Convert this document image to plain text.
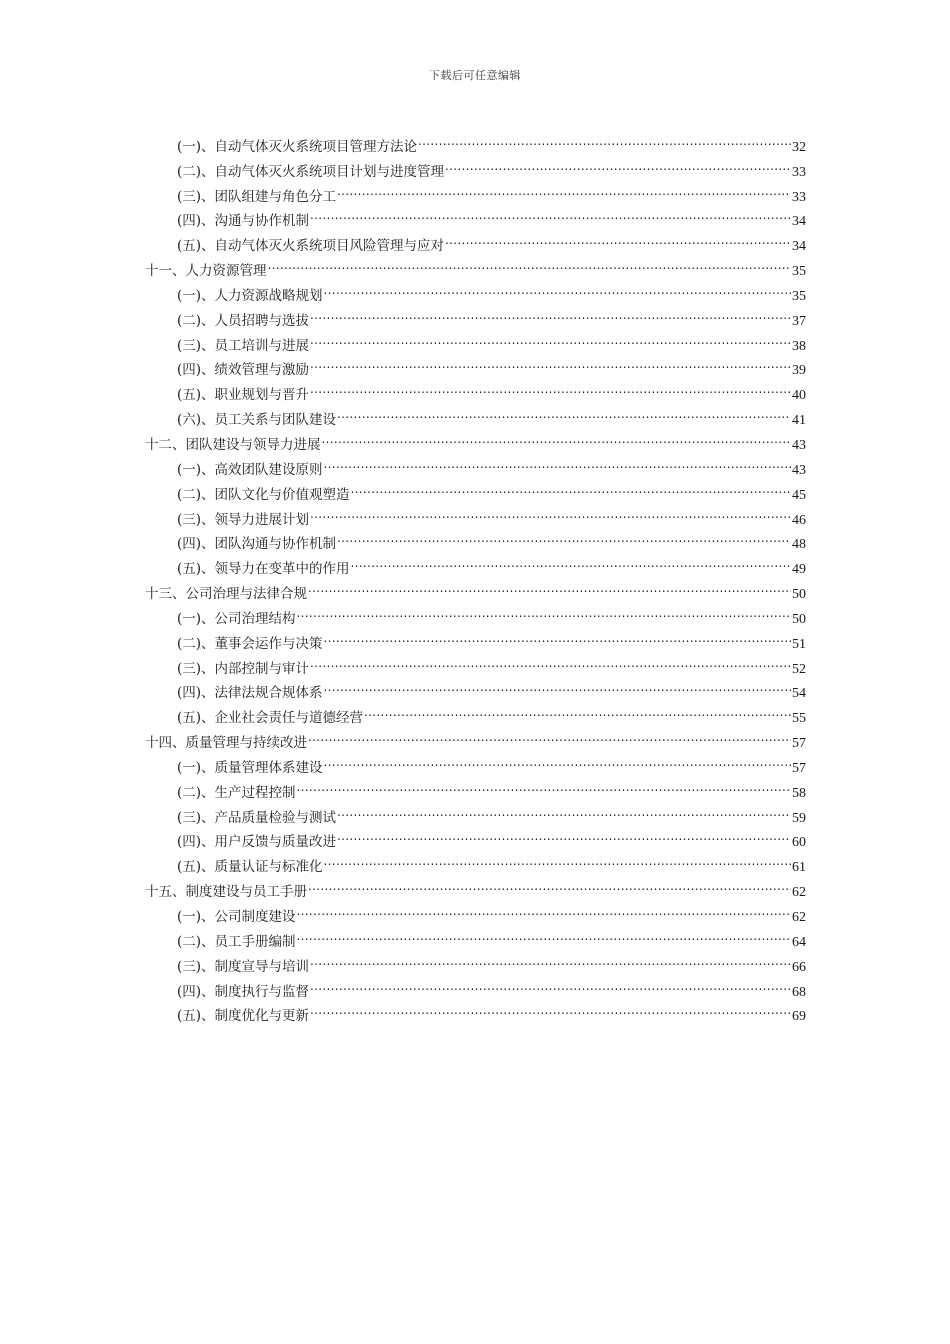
下载后可任意编辑
(一)、自动气体灭火系统项目管理方法论 .....	32
(二)、自动气体灭火系统项目计划与进度管理 .....	33
(三)、团队组建与角色分工 .....	33
(四)、沟通与协作机制 .....	34
(五)、自动气体灭火系统项目风险管理与应对 .....	34
十一、人力资源管理 .....	35
(一)、人力资源战略规划 .....	35
(二)、人员招聘与选拔 .....	37
(三)、员工培训与进展 .....	38
(四)、绩效管理与激励 .....	39
(五)、职业规划与晋升 .....	40
(六)、员工关系与团队建设 .....	41
十二、团队建设与领导力进展 .....	43
(一)、高效团队建设原则 .....	43
(二)、团队文化与价值观塑造 .....	45
(三)、领导力进展计划 .....	46
(四)、团队沟通与协作机制 .....	48
(五)、领导力在变革中的作用 .....	49
十三、公司治理与法律合规 .....	50
(一)、公司治理结构 .....	50
(二)、董事会运作与决策 .....	51
(三)、内部控制与审计 .....	52
(四)、法律法规合规体系 .....	54
(五)、企业社会责任与道德经营 .....	55
十四、质量管理与持续改进 .....	57
(一)、质量管理体系建设 .....	57
(二)、生产过程控制 .....	58
(三)、产品质量检验与测试 .....	59
(四)、用户反馈与质量改进 .....	60
(五)、质量认证与标准化 .....	61
十五、制度建设与员工手册 .....	62
(一)、公司制度建设 .....	62
(二)、员工手册编制 .....	64
(三)、制度宣导与培训 .....	66
(四)、制度执行与监督 .....	68
(五)、制度优化与更新 .....	69
